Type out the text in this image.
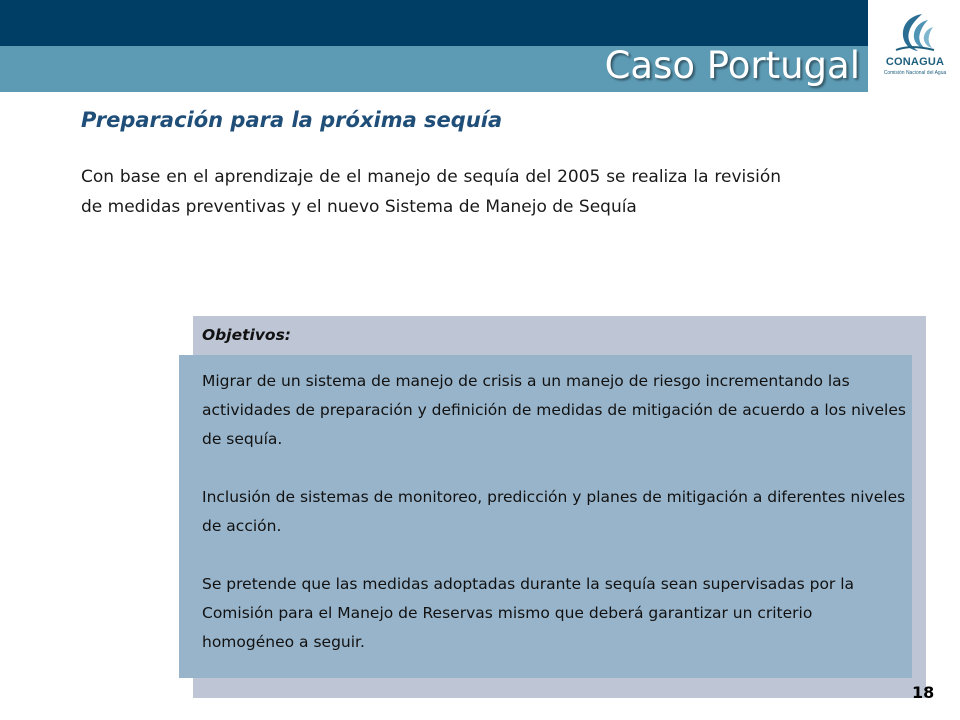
Caso Portugal	CONAGUA
Comisión Nacional del Agua
Preparación para la próxima sequía

Con base en el aprendizaje de el manejo de sequía del 2005 se realiza la revisión de medidas preventivas y el nuevo Sistema de Manejo de Sequía

Objetivos:

Migrar de un sistema de manejo de crisis a un manejo de riesgo incrementando las actividades de preparación y definición de medidas de mitigación de acuerdo a los niveles de sequía.

Inclusión de sistemas de monitoreo, predicción y planes de mitigación a diferentes niveles de acción.

Se pretende que las medidas adoptadas durante la sequía sean supervisadas por la Comisión para el Manejo de Reservas mismo que deberá garantizar un criterio homogéneo a seguir.

18
